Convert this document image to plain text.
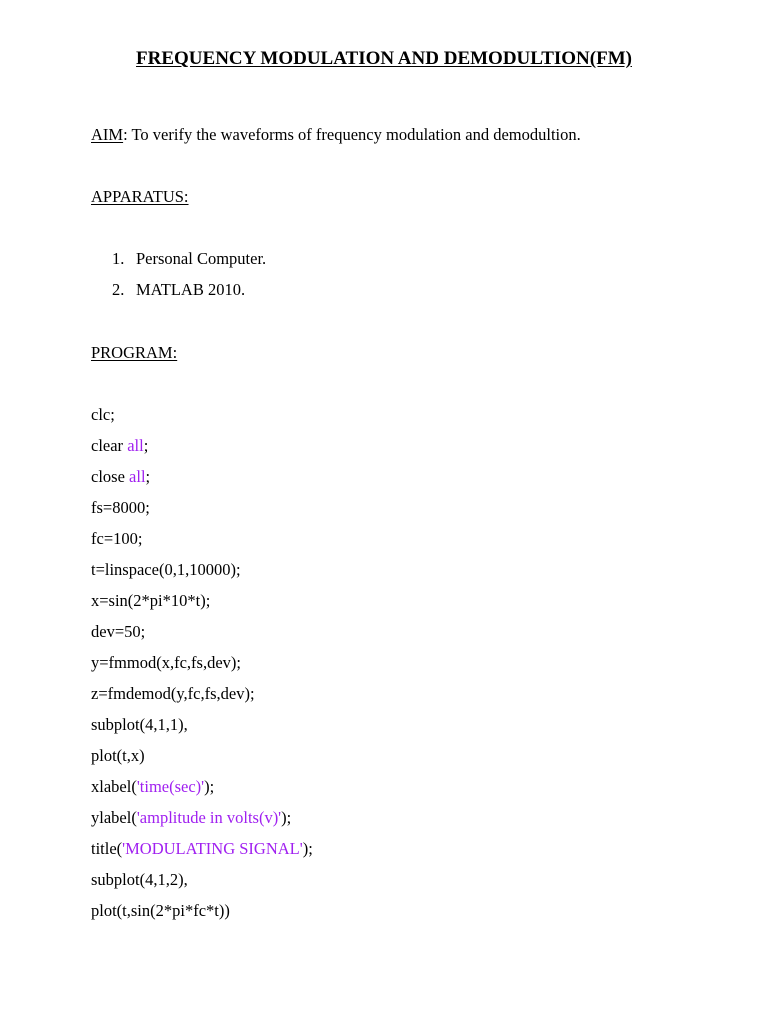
FREQUENCY MODULATION AND DEMODULTION(FM)
AIM: To verify the waveforms of frequency modulation and demodultion.
APPARATUS:
1. Personal Computer.
2. MATLAB 2010.
PROGRAM:
clc;
clear all;
close all;
fs=8000;
fc=100;
t=linspace(0,1,10000);
x=sin(2*pi*10*t);
dev=50;
y=fmmod(x,fc,fs,dev);
z=fmdemod(y,fc,fs,dev);
subplot(4,1,1),
plot(t,x)
xlabel('time(sec)');
ylabel('amplitude in volts(v)');
title('MODULATING SIGNAL');
subplot(4,1,2),
plot(t,sin(2*pi*fc*t))
